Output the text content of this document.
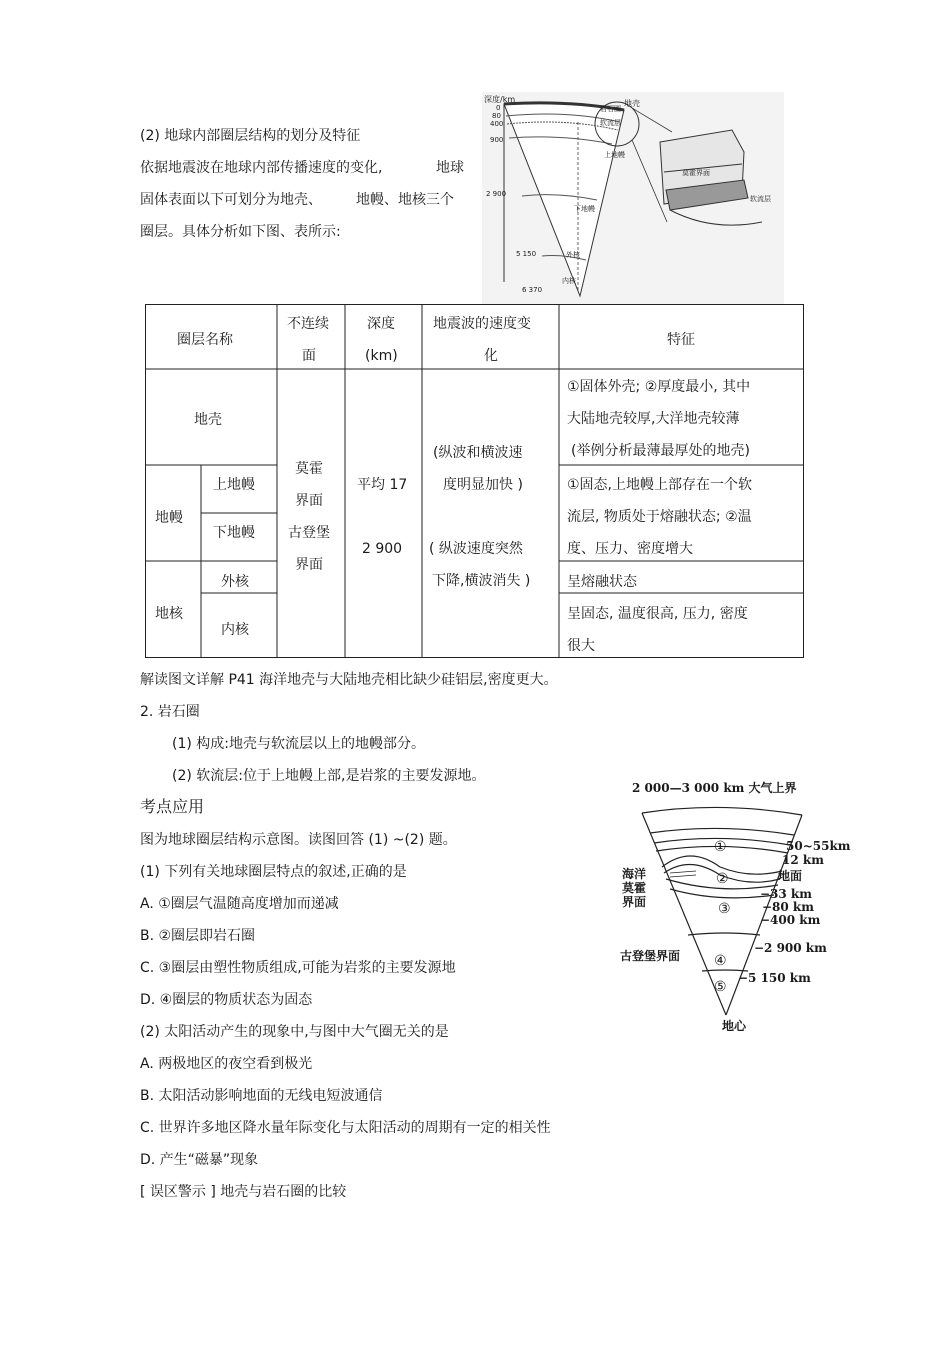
(2) 地球内部圈层结构的划分及特征
依据地震波在地球内部传播速度的变化,	地球
固体表面以下可划分为地壳、 地幔、地核三个
圈层。具体分析如下图、表所示:
深度/km
0
80
400
900
2 900
5 150
6 370
岩石圈
地壳
软流层
上地幔
下地幔
外核
内核
莫霍界面
软流层
圈层名称
不连续
面
深度
(km)
地震波的速度变
化
特征
地壳
①固体外壳; ②厚度最小, 其中
大陆地壳较厚,大洋地壳较薄
(举例分析最薄最厚处的地壳)
地幔
上地幔
下地幔
①固态,上地幔上部存在一个软
流层, 物质处于熔融状态; ②温
度、压力、密度增大
地核
外核
内核
呈熔融状态
呈固态, 温度很高, 压力, 密度
很大
莫霍
界面
古登堡
界面
平均 17
2 900
(纵波和横波速
度明显加快 )
( 纵波速度突然
下降,横波消失 )
解读图文详解 P41 海洋地壳与大陆地壳相比缺少硅铝层,密度更大。
2. 岩石圈
(1) 构成:地壳与软流层以上的地幔部分。
(2) 软流层:位于上地幔上部,是岩浆的主要发源地。
考点应用
图为地球圈层结构示意图。读图回答 (1) ~(2) 题。
(1) 下列有关地球圈层特点的叙述,正确的是
A. ①圈层气温随高度增加而递减
B. ②圈层即岩石圈
C. ③圈层由塑性物质组成,可能为岩浆的主要发源地
D. ④圈层的物质状态为固态
(2) 太阳活动产生的现象中,与图中大气圈无关的是
A. 两极地区的夜空看到极光
B. 太阳活动影响地面的无线电短波通信
C. 世界许多地区降水量年际变化与太阳活动的周期有一定的相关性
D. 产生“磁暴”现象
[ 误区警示 ] 地壳与岩石圈的比较
2 000—3 000 km 大气上界
50~55km
12 km
地面
−33 km
−80 km
−400 km
−2 900 km
−5 150 km
海洋
莫霍
界面
古登堡界面
地心
①
②
③
④
⑤
